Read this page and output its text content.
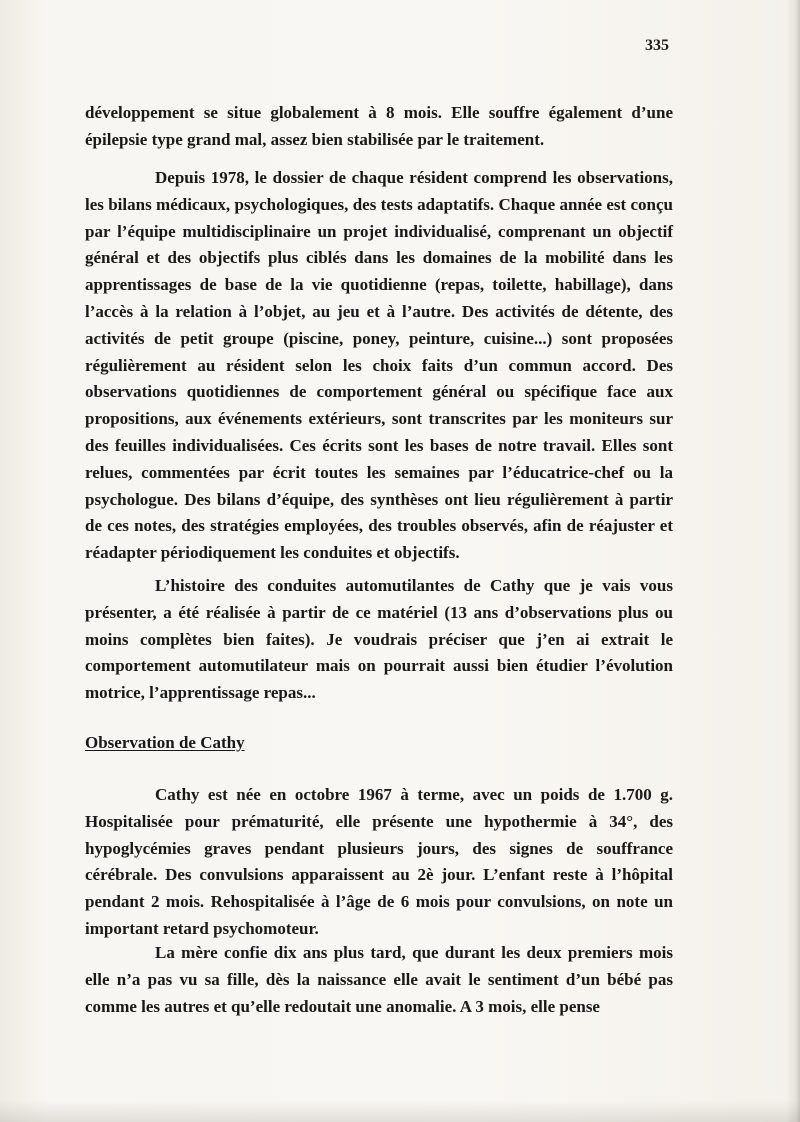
335

développement se situe globalement à 8 mois. Elle souffre également d’une épilepsie type grand mal, assez bien stabilisée par le traitement.

Depuis 1978, le dossier de chaque résident comprend les observations, les bilans médicaux, psychologiques, des tests adaptatifs. Chaque année est conçu par l’équipe multidisciplinaire un projet individualisé, comprenant un objectif général et des objectifs plus ciblés dans les domaines de la mobilité dans les apprentissages de base de la vie quotidienne (repas, toilette, habillage), dans l’accès à la relation à l’objet, au jeu et à l’autre. Des activités de détente, des activités de petit groupe (piscine, poney, peinture, cuisine...) sont proposées régulièrement au résident selon les choix faits d’un commun accord. Des observations quotidiennes de comportement général ou spécifique face aux propositions, aux événements extérieurs, sont transcrites par les moniteurs sur des feuilles individualisées. Ces écrits sont les bases de notre travail. Elles sont relues, commentées par écrit toutes les semaines par l’éducatrice-chef ou la psychologue. Des bilans d’équipe, des synthèses ont lieu régulièrement à partir de ces notes, des stratégies employées, des troubles observés, afin de réajuster et réadapter périodiquement les conduites et objectifs.

L’histoire des conduites automutilantes de Cathy que je vais vous présenter, a été réalisée à partir de ce matériel (13 ans d’observations plus ou moins complètes bien faites). Je voudrais préciser que j’en ai extrait le comportement automutilateur mais on pourrait aussi bien étudier l’évolution motrice, l’apprentissage repas...

Observation de Cathy

Cathy est née en octobre 1967 à terme, avec un poids de 1.700 g. Hospitalisée pour prématurité, elle présente une hypothermie à 34°, des hypoglycémies graves pendant plusieurs jours, des signes de souffrance cérébrale. Des convulsions apparaissent au 2è jour. L’enfant reste à l’hôpital pendant 2 mois. Rehospitalisée à l’âge de 6 mois pour convulsions, on note un important retard psychomoteur.

La mère confie dix ans plus tard, que durant les deux premiers mois elle n’a pas vu sa fille, dès la naissance elle avait le sentiment d’un bébé pas comme les autres et qu’elle redoutait une anomalie. A 3 mois, elle pense
